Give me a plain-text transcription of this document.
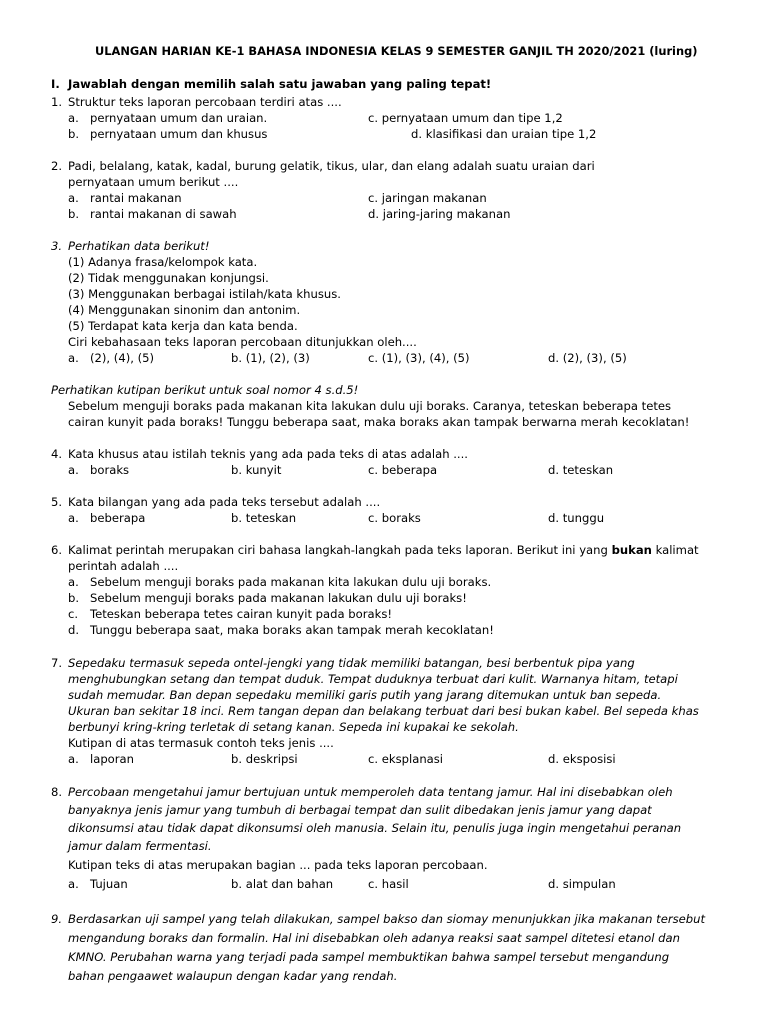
ULANGAN HARIAN KE-1 BAHASA INDONESIA KELAS 9 SEMESTER GANJIL TH 2020/2021 (luring)
I. Jawablah dengan memilih salah satu jawaban yang paling tepat!
1. Struktur teks laporan percobaan terdiri atas ....
a. pernyataan umum dan uraian.	c. pernyataan umum dan tipe 1,2
b. pernyataan umum dan khusus	d. klasifikasi dan uraian tipe 1,2
2. Padi, belalang, katak, kadal, burung gelatik, tikus, ular, dan elang adalah suatu uraian dari
pernyataan umum berikut ....
a. rantai makanan	c. jaringan makanan
b. rantai makanan di sawah	d. jaring-jaring makanan
3. Perhatikan data berikut!
(1) Adanya frasa/kelompok kata.
(2) Tidak menggunakan konjungsi.
(3) Menggunakan berbagai istilah/kata khusus.
(4) Menggunakan sinonim dan antonim.
(5) Terdapat kata kerja dan kata benda.
Ciri kebahasaan teks laporan percobaan ditunjukkan oleh....
a. (2), (4), (5)	b. (1), (2), (3)	c. (1), (3), (4), (5)	d. (2), (3), (5)
Perhatikan kutipan berikut untuk soal nomor 4 s.d.5!
Sebelum menguji boraks pada makanan kita lakukan dulu uji boraks. Caranya, teteskan beberapa tetes
cairan kunyit pada boraks! Tunggu beberapa saat, maka boraks akan tampak berwarna merah kecoklatan!
4. Kata khusus atau istilah teknis yang ada pada teks di atas adalah ....
a. boraks	b. kunyit	c. beberapa	d. teteskan
5. Kata bilangan yang ada pada teks tersebut adalah ....
a. beberapa	b. teteskan	c. boraks	d. tunggu
6. Kalimat perintah merupakan ciri bahasa langkah-langkah pada teks laporan. Berikut ini yang bukan kalimat
perintah adalah ....
a. Sebelum menguji boraks pada makanan kita lakukan dulu uji boraks.
b. Sebelum menguji boraks pada makanan lakukan dulu uji boraks!
c. Teteskan beberapa tetes cairan kunyit pada boraks!
d. Tunggu beberapa saat, maka boraks akan tampak merah kecoklatan!
7. Sepedaku termasuk sepeda ontel-jengki yang tidak memiliki batangan, besi berbentuk pipa yang
menghubungkan setang dan tempat duduk. Tempat duduknya terbuat dari kulit. Warnanya hitam, tetapi
sudah memudar. Ban depan sepedaku memiliki garis putih yang jarang ditemukan untuk ban sepeda.
Ukuran ban sekitar 18 inci. Rem tangan depan dan belakang terbuat dari besi bukan kabel. Bel sepeda khas
berbunyi kring-kring terletak di setang kanan. Sepeda ini kupakai ke sekolah.
Kutipan di atas termasuk contoh teks jenis ....
a. laporan	b. deskripsi	c. eksplanasi	d. eksposisi
8. Percobaan mengetahui jamur bertujuan untuk memperoleh data tentang jamur. Hal ini disebabkan oleh
banyaknya jenis jamur yang tumbuh di berbagai tempat dan sulit dibedakan jenis jamur yang dapat
dikonsumsi atau tidak dapat dikonsumsi oleh manusia. Selain itu, penulis juga ingin mengetahui peranan
jamur dalam fermentasi.
Kutipan teks di atas merupakan bagian ... pada teks laporan percobaan.
a. Tujuan	b. alat dan bahan	c. hasil	d. simpulan
9. Berdasarkan uji sampel yang telah dilakukan, sampel bakso dan siomay menunjukkan jika makanan tersebut
mengandung boraks dan formalin. Hal ini disebabkan oleh adanya reaksi saat sampel ditetesi etanol dan
KMNO. Perubahan warna yang terjadi pada sampel membuktikan bahwa sampel tersebut mengandung
bahan pengaawet walaupun dengan kadar yang rendah.
